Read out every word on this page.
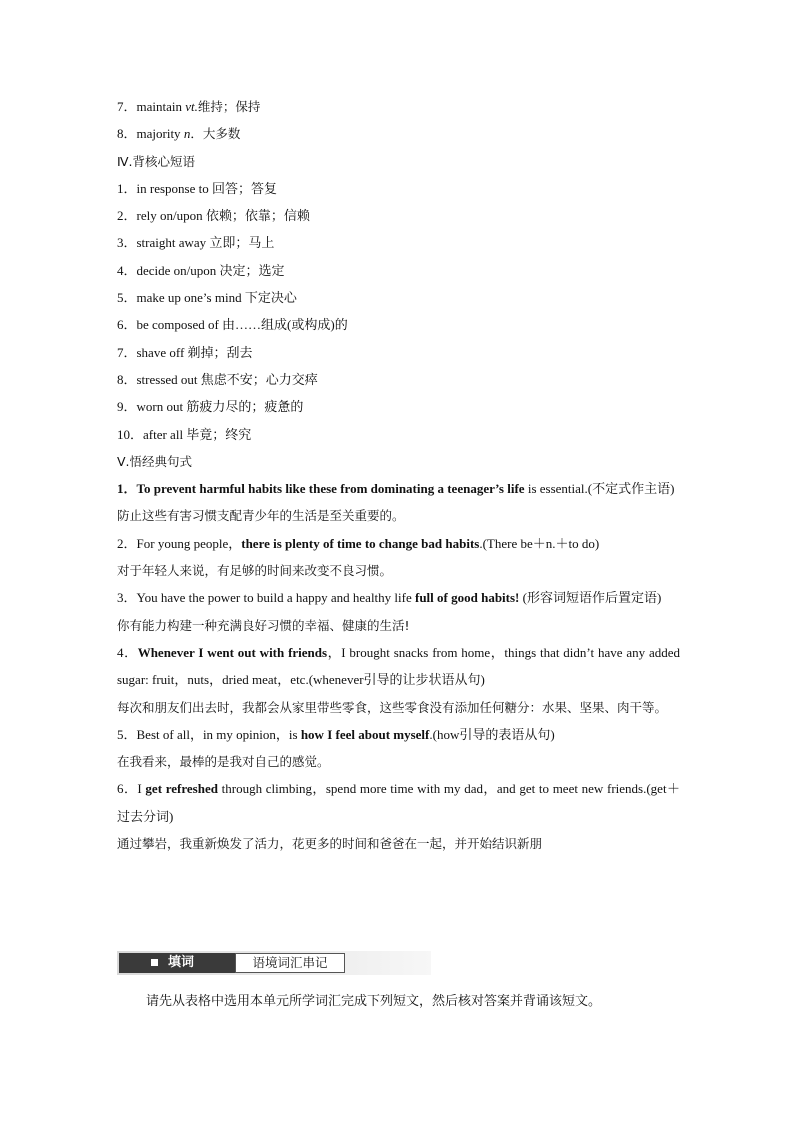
7．maintain vt.维持；保持
8．majority n．大多数
Ⅳ.背核心短语
1．in response to 回答；答复
2．rely on/upon 依赖；依靠；信赖
3．straight away 立即；马上
4．decide on/upon 决定；选定
5．make up one’s mind 下定决心
6．be composed of 由……组成(或构成)的
7．shave off 剃掉；刮去
8．stressed out 焦虑不安；心力交瘁
9．worn out 筋疲力尽的；疲惫的
10．after all 毕竟；终究
Ⅴ.悟经典句式
1．To prevent harmful habits like these from dominating a teenager’s life is essential.(不定式作主语)
防止这些有害习惯支配青少年的生活是至关重要的。
2．For young people，there is plenty of time to change bad habits.(There be＋n.＋to do)
对于年轻人来说，有足够的时间来改变不良习惯。
3．You have the power to build a happy and healthy life full of good habits! (形容词短语作后置定语)
你有能力构建一种充满良好习惯的幸福、健康的生活!
4．Whenever I went out with friends，I brought snacks from home，things that didn’t have any added sugar: fruit，nuts，dried meat，etc.(whenever引导的让步状语从句)
每次和朋友们出去时，我都会从家里带些零食，这些零食没有添加任何糖分：水果、坚果、肉干等。
5．Best of all，in my opinion，is how I feel about myself.(how引导的表语从句)
在我看来，最棒的是我对自己的感觉。
6．I get refreshed through climbing，spend more time with my dad，and get to meet new friends.(get＋过去分词)
通过攀岩，我重新焕发了活力，花更多的时间和爸爸在一起，并开始结识新朋
填词	语境词汇串记
请先从表格中选用本单元所学词汇完成下列短文，然后核对答案并背诵该短文。
